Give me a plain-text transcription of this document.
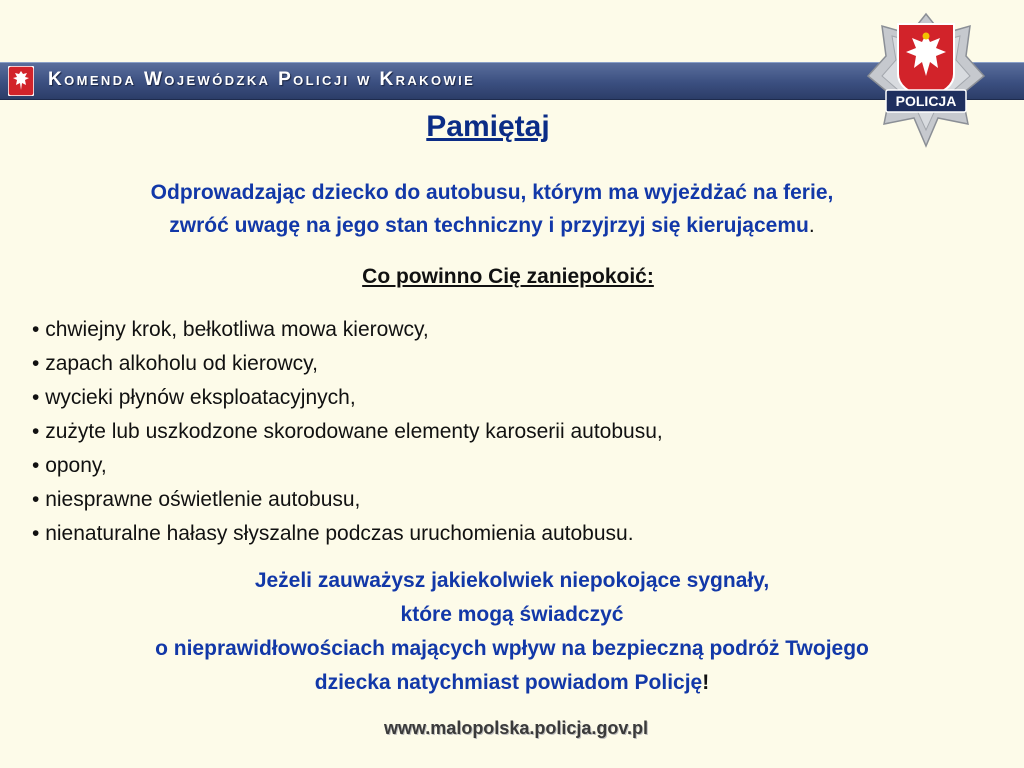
Komenda Wojewódzka Policji w Krakowie
POLICJA
Pamiętaj
Odprowadzając dziecko do autobusu, którym ma wyjeżdżać na ferie,
zwróć uwagę na jego stan techniczny i przyjrzyj się kierującemu.
Co powinno Cię zaniepokoić:
• chwiejny krok, bełkotliwa mowa kierowcy,
• zapach alkoholu od kierowcy,
• wycieki płynów eksploatacyjnych,
• zużyte lub uszkodzone skorodowane elementy karoserii autobusu,
• opony,
• niesprawne oświetlenie autobusu,
• nienaturalne hałasy słyszalne podczas uruchomienia autobusu.
Jeżeli zauważysz jakiekolwiek niepokojące sygnały,
które mogą świadczyć
o nieprawidłowościach mających wpływ na bezpieczną podróż Twojego
dziecka natychmiast powiadom Policję!
www.malopolska.policja.gov.pl
